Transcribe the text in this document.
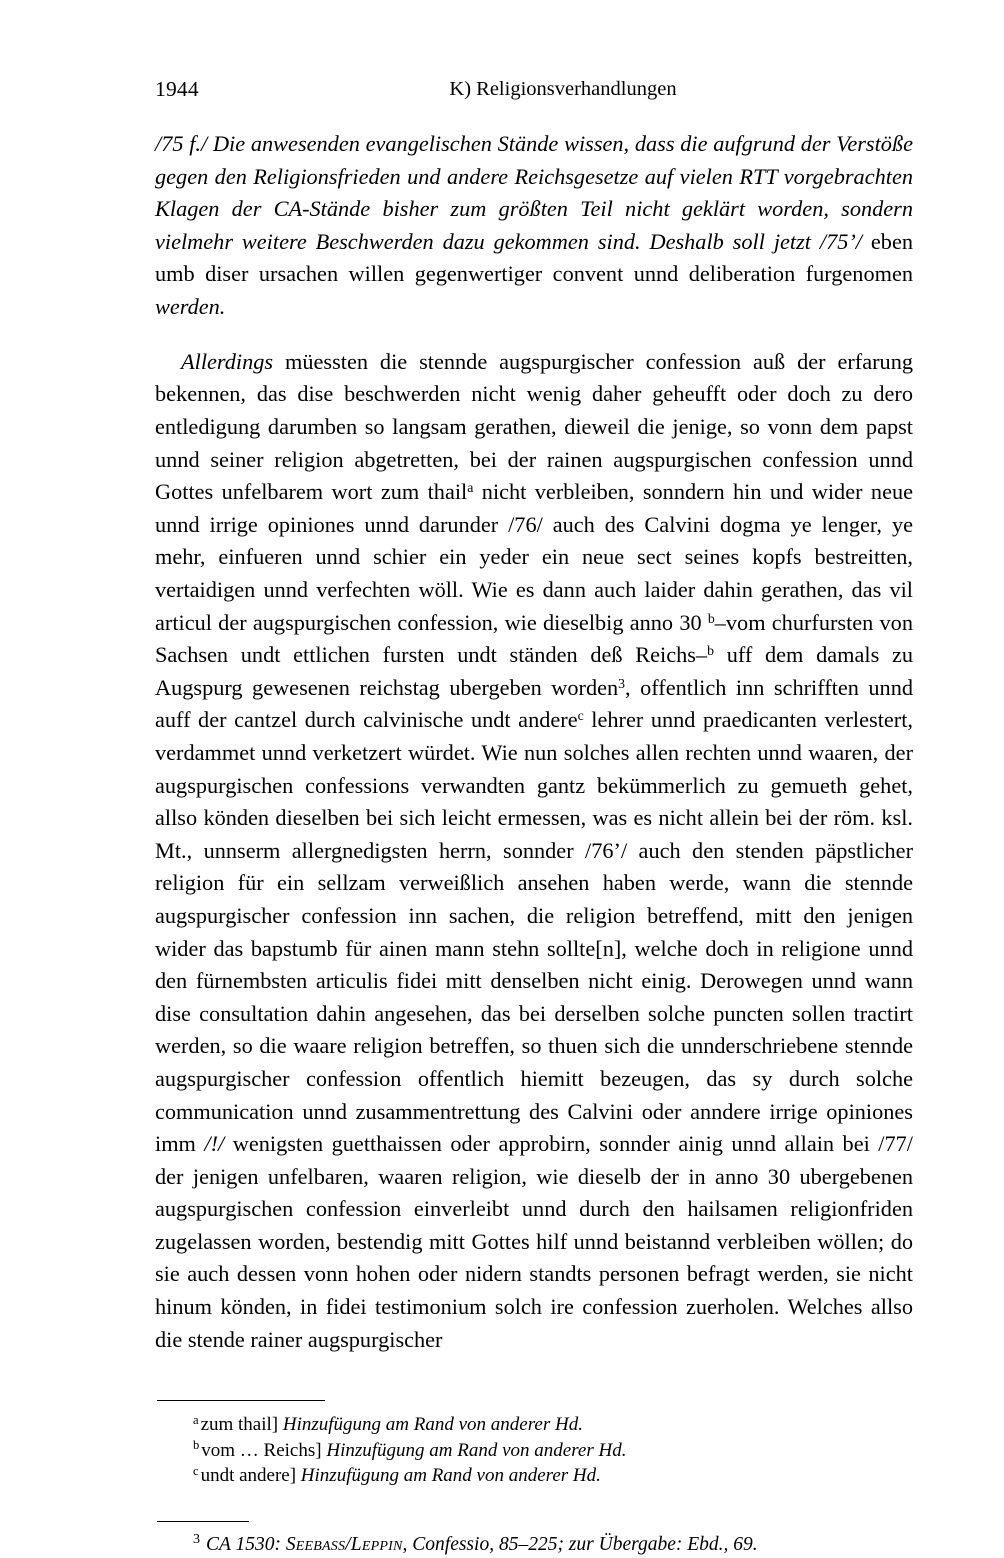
1944	K) Religionsverhandlungen

/75 f./ Die anwesenden evangelischen Stände wissen, dass die aufgrund der Verstöße gegen den Religionsfrieden und andere Reichsgesetze auf vielen RTT vorgebrachten Klagen der CA-Stände bisher zum größten Teil nicht geklärt worden, sondern vielmehr weitere Beschwerden dazu gekommen sind. Deshalb soll jetzt /75’/ eben umb diser ursachen willen gegenwertiger convent unnd deliberation furgenomen werden.

Allerdings müessten die stennde augspurgischer confession auß der erfarung bekennen, das dise beschwerden nicht wenig daher geheufft oder doch zu dero entledigung darumben so langsam gerathen, dieweil die jenige, so vonn dem papst unnd seiner religion abgetretten, bei der rainen augspurgischen confession unnd Gottes unfelbarem wort zum thail$^a$ nicht verbleiben, sonndern hin und wider neue unnd irrige opiniones unnd darunder /76/ auch des Calvini dogma ye lenger, ye mehr, einfueren unnd schier ein yeder ein neue sect seines kopfs bestreitten, vertaidigen unnd verfechten wöll. Wie es dann auch laider dahin gerathen, das vil articul der augspurgischen confession, wie dieselbig anno 30 $^b$–vom churfursten von Sachsen undt ettlichen fursten undt ständen deß Reichs–$^b$ uff dem damals zu Augspurg gewesenen reichstag ubergeben worden$^3$, offentlich inn schrifften unnd auff der cantzel durch calvinische undt andere$^c$ lehrer unnd praedicanten verlestert, verdammet unnd verketzert würdet. Wie nun solches allen rechten unnd waaren, der augspurgischen confessions verwandten gantz bekümmerlich zu gemueth gehet, allso könden dieselben bei sich leicht ermessen, was es nicht allein bei der röm. ksl. Mt., unnserm allergnedigsten herrn, sonnder /76’/ auch den stenden päpstlicher religion für ein sellzam verweißlich ansehen haben werde, wann die stennde augspurgischer confession inn sachen, die religion betreffend, mitt den jenigen wider das bapstumb für ainen mann stehn sollte[n], welche doch in religione unnd den fürnembsten articulis fidei mitt denselben nicht einig. Derowegen unnd wann dise consultation dahin angesehen, das bei derselben solche puncten sollen tractirt werden, so die waare religion betreffen, so thuen sich die unnderschriebene stennde augspurgischer confession offentlich hiemitt bezeugen, das sy durch solche communication unnd zusammentrettung des Calvini oder anndere irrige opiniones imm /!/ wenigsten guetthaissen oder approbirn, sonnder ainig unnd allain bei /77/ der jenigen unfelbaren, waaren religion, wie dieselb der in anno 30 ubergebenen augspurgischen confession einverleibt unnd durch den hailsamen religionfriden zugelassen worden, bestendig mitt Gottes hilf unnd beistannd verbleiben wöllen; do sie auch dessen vonn hohen oder nidern standts personen befragt werden, sie nicht hinum könden, in fidei testimonium solch ire confession zuerholen. Welches allso die stende rainer augspurgischer

$^a$ zum thail] Hinzufügung am Rand von anderer Hd.
$^b$ vom … Reichs] Hinzufügung am Rand von anderer Hd.
$^c$ undt andere] Hinzufügung am Rand von anderer Hd.
$^3$ CA 1530: Seebass/Leppin, Confessio, 85–225; zur Übergabe: Ebd., 69.
